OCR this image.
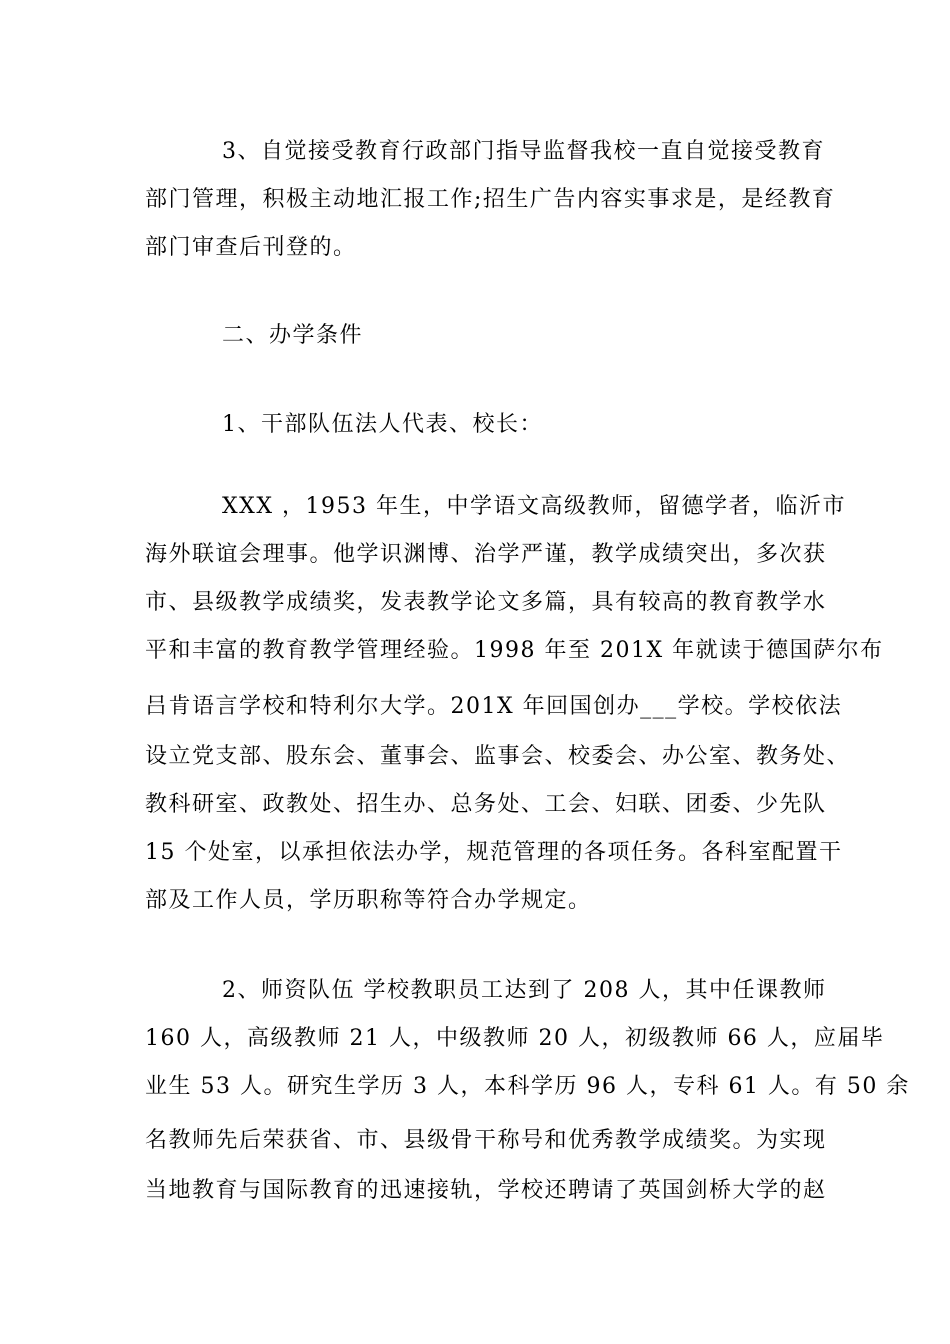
3、自觉接受教育行政部门指导监督我校一直自觉接受教育
部门管理，积极主动地汇报工作;招生广告内容实事求是，是经教育
部门审查后刊登的。
二、办学条件
1、干部队伍法人代表、校长：
XXX ，1953 年生，中学语文高级教师，留德学者，临沂市
海外联谊会理事。他学识渊博、治学严谨，教学成绩突出，多次获
市、县级教学成绩奖，发表教学论文多篇，具有较高的教育教学水
平和丰富的教育教学管理经验。1998 年至 201X 年就读于德国萨尔布
吕肯语言学校和特利尔大学。201X 年回国创办___学校。学校依法
设立党支部、股东会、董事会、监事会、校委会、办公室、教务处、
教科研室、政教处、招生办、总务处、工会、妇联、团委、少先队
15 个处室，以承担依法办学，规范管理的各项任务。各科室配置干
部及工作人员，学历职称等符合办学规定。
2、师资队伍 学校教职员工达到了 208 人，其中任课教师
160 人，高级教师 21 人，中级教师 20 人，初级教师 66 人，应届毕
业生 53 人。研究生学历 3 人，本科学历 96 人，专科 61 人。有 50 余
名教师先后荣获省、市、县级骨干称号和优秀教学成绩奖。为实现
当地教育与国际教育的迅速接轨，学校还聘请了英国剑桥大学的赵
